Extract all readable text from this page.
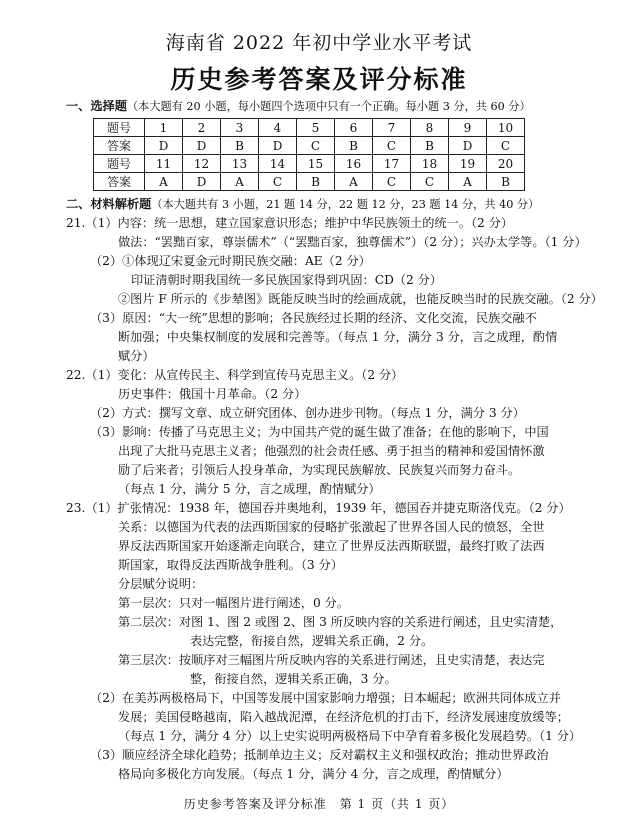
海南省 2022 年初中学业水平考试
历史参考答案及评分标准
一、选择题（本大题有 20 小题，每小题四个选项中只有一个正确。每小题 3 分，共 60 分）
题号	1	2	3	4	5	6	7	8	9	10
答案	D	D	B	D	C	B	C	B	D	C
题号	11	12	13	14	15	16	17	18	19	20
答案	A	D	A	C	B	A	C	C	A	B
二、材料解析题（本大题共有 3 小题，21 题 14 分，22 题 12 分，23 题 14 分，共 40 分）
21.（1）内容：统一思想，建立国家意识形态；维护中华民族领土的统一。（2 分）
做法：“罢黜百家，尊崇儒术”（“罢黜百家，独尊儒术”）（2 分）；兴办太学等。（1 分）
（2）①体现辽宋夏金元时期民族交融：AE（2 分）
印证清朝时期我国统一多民族国家得到巩固：CD（2 分）
②图片 F 所示的《步辇图》既能反映当时的绘画成就，也能反映当时的民族交融。（2 分）
（3）原因：“大一统”思想的影响；各民族经过长期的经济、文化交流，民族交融不
断加强；中央集权制度的发展和完善等。（每点 1 分，满分 3 分，言之成理，酌情
赋分）
22.（1）变化：从宣传民主、科学到宣传马克思主义。（2 分）
历史事件：俄国十月革命。（2 分）
（2）方式：撰写文章、成立研究团体、创办进步刊物。（每点 1 分，满分 3 分）
（3）影响：传播了马克思主义；为中国共产党的诞生做了准备；在他的影响下，中国
出现了大批马克思主义者；他强烈的社会责任感、勇于担当的精神和爱国情怀激
励了后来者；引领后人投身革命，为实现民族解放、民族复兴而努力奋斗。
（每点 1 分，满分 5 分，言之成理，酌情赋分）
23.（1）扩张情况：1938 年，德国吞并奥地利，1939 年，德国吞并捷克斯洛伐克。（2 分）
关系：以德国为代表的法西斯国家的侵略扩张激起了世界各国人民的愤怒，全世
界反法西斯国家开始逐渐走向联合，建立了世界反法西斯联盟，最终打败了法西
斯国家，取得反法西斯战争胜利。（3 分）
分层赋分说明：
第一层次：只对一幅图片进行阐述，0 分。
第二层次：对图 1、图 2 或图 2、图 3 所反映内容的关系进行阐述，且史实清楚，
表达完整，衔接自然，逻辑关系正确，2 分。
第三层次：按顺序对三幅图片所反映内容的关系进行阐述，且史实清楚，表达完
整，衔接自然，逻辑关系正确，3 分。
（2）在美苏两极格局下，中国等发展中国家影响力增强；日本崛起；欧洲共同体成立并
发展；美国侵略越南，陷入越战泥潭，在经济危机的打击下，经济发展速度放缓等；
（每点 1 分，满分 4 分）以上史实说明两极格局下中孕育着多极化发展趋势。（1 分）
（3）顺应经济全球化趋势；抵制单边主义；反对霸权主义和强权政治；推动世界政治
格局向多极化方向发展。（每点 1 分，满分 4 分，言之成理，酌情赋分）
历史参考答案及评分标准　第 1 页（共 1 页）
